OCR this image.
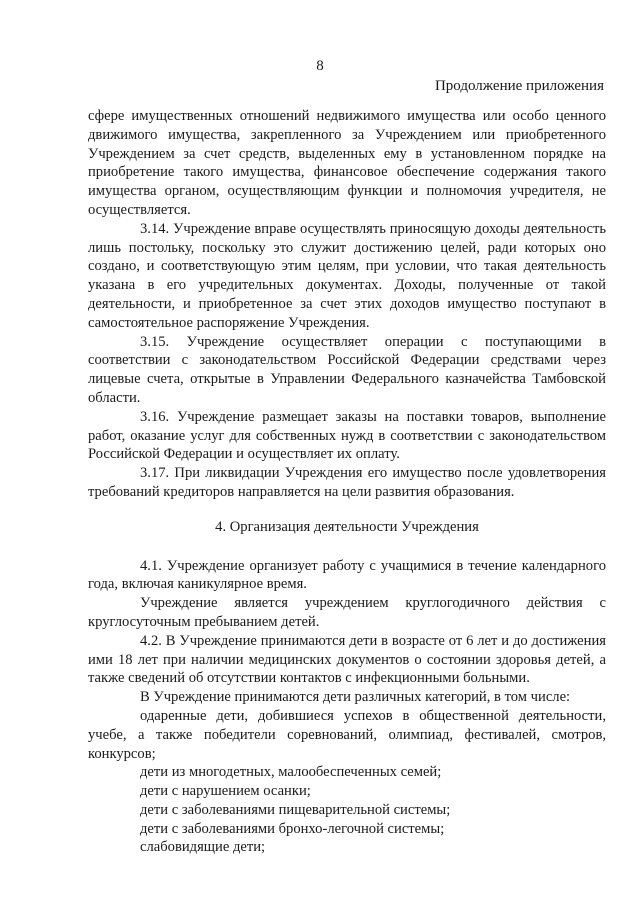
8
Продолжение приложения

сфере имущественных отношений недвижимого имущества или особо ценного движимого имущества, закрепленного за Учреждением или приобретенного Учреждением за счет средств, выделенных ему в установленном порядке на приобретение такого имущества, финансовое обеспечение содержания такого имущества органом, осуществляющим функции и полномочия учредителя, не осуществляется.

3.14. Учреждение вправе осуществлять приносящую доходы деятельность лишь постольку, поскольку это служит достижению целей, ради которых оно создано, и соответствующую этим целям, при условии, что такая деятельность указана в его учредительных документах. Доходы, полученные от такой деятельности, и приобретенное за счет этих доходов имущество поступают в самостоятельное распоряжение Учреждения.

3.15. Учреждение осуществляет операции с поступающими в соответствии с законодательством Российской Федерации средствами через лицевые счета, открытые в Управлении Федерального казначейства Тамбовской области.

3.16. Учреждение размещает заказы на поставки товаров, выполнение работ, оказание услуг для собственных нужд в соответствии с законодательством Российской Федерации и осуществляет их оплату.

3.17. При ликвидации Учреждения его имущество после удовлетворения требований кредиторов направляется на цели развития образования.

4. Организация деятельности Учреждения

4.1. Учреждение организует работу с учащимися в течение календарного года, включая каникулярное время.

Учреждение является учреждением круглогодичного действия с круглосуточным пребыванием детей.

4.2. В Учреждение принимаются дети в возрасте от 6 лет и до достижения ими 18 лет при наличии медицинских документов о состоянии здоровья детей, а также сведений об отсутствии контактов с инфекционными больными.

В Учреждение принимаются дети различных категорий, в том числе:

одаренные дети, добившиеся успехов в общественной деятельности, учебе, а также победители соревнований, олимпиад, фестивалей, смотров, конкурсов;

дети из многодетных, малообеспеченных семей;

дети с нарушением осанки;

дети с заболеваниями пищеварительной системы;

дети с заболеваниями бронхо-легочной системы;

слабовидящие дети;
